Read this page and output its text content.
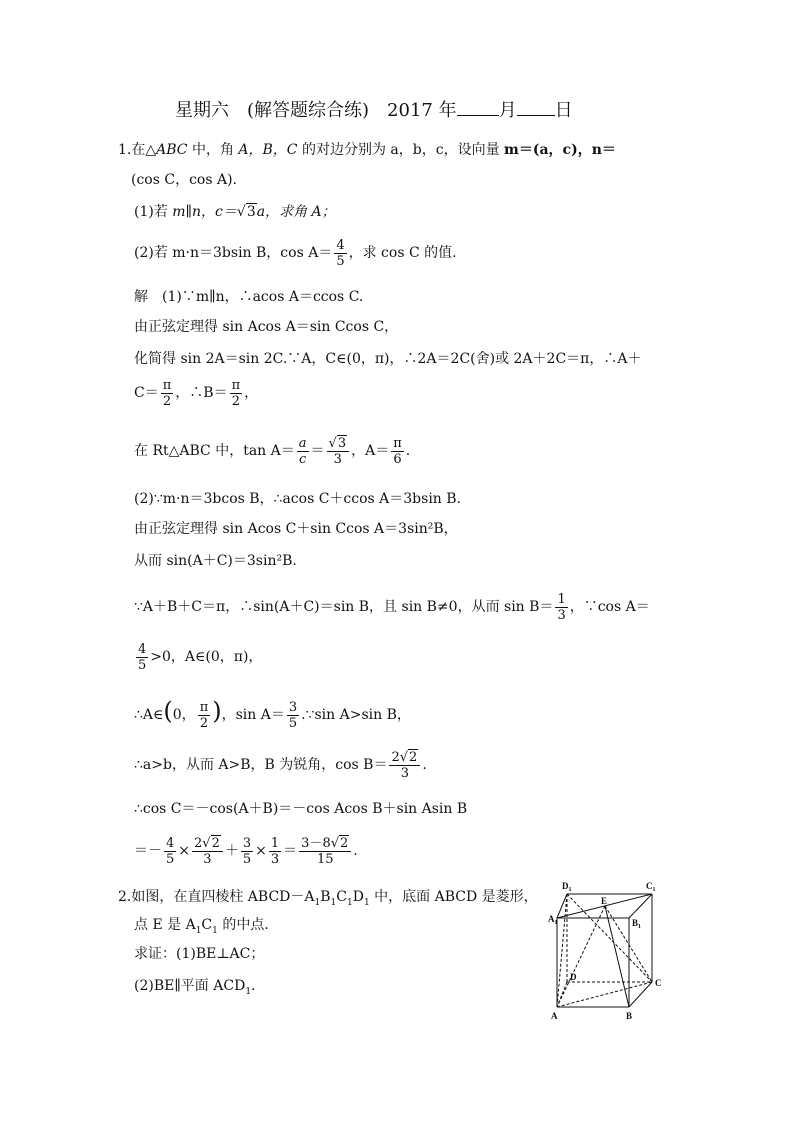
星期六　(解答题综合练)　2017 年 月 日
1.在△ABC 中，角 A，B，C 的对边分别为 a，b，c，设向量 m＝(a，c)，n＝
(cos C，cos A).
(1)若 m∥n，c＝√3a，求角 A；
(2)若 m·n＝3bsin B，$\cos A= \frac{4}{5}$ ，求 cos C 的值.
解　(1)∵m∥n，∴acos A＝ccos C.
由正弦定理得 sin Acos A＝sin Ccos C，
化简得 sin 2A＝sin 2C.∵A，C∈(0，π)，∴2A＝2C(舍)或 2A＋2C＝π，∴A＋
$C= \frac{\pi}{2}$ ，∴B＝ $\frac{\pi}{2}$ ，
在 Rt△ABC 中，$\tan A= \frac{a}{c} = \frac{√3}{3}$ ，$A= \frac{\pi}{6}$ .
(2)∵m·n＝3bcos B，∴acos C＋ccos A＝3bsin B.
由正弦定理得 sin Acos C＋sin Ccos A＝3sin²B，
从而 sin(A＋C)＝3sin²B.
∵A＋B＋C＝π，∴sin(A＋C)＝sin B，且 sin B≠0，从而 $\sin B= \frac{1}{3}$ ，∵cos A＝
$\frac{4}{5} >0$，A∈(0，π)，
∴A∈(0， $\frac{\pi}{2}$ )，$\sin A= \frac{3}{5}$ .∵sin A>sin B，
∴a>b，从而 A>B，B 为锐角，$\cos B= \frac{2√2}{3}$ .
∴cos C＝－cos(A＋B)＝－cos Acos B＋sin Asin B
＝－ $\frac{4}{5} \times \frac{2√2}{3} + \frac{3}{5} \times \frac{1}{3} = \frac{3-8√2}{15}$ .
2.如图，在直四棱柱 $ABCD-A_1B_1C_1D_1$ 中，底面 ABCD 是菱形，
点 E 是 $A_1C_1$ 的中点.
求证：(1)BE⊥AC；
(2)BE∥平面 $ACD_1$.
$D_1$	$C_1$
E
$A_1$	$B_1$
D
C
A	B
